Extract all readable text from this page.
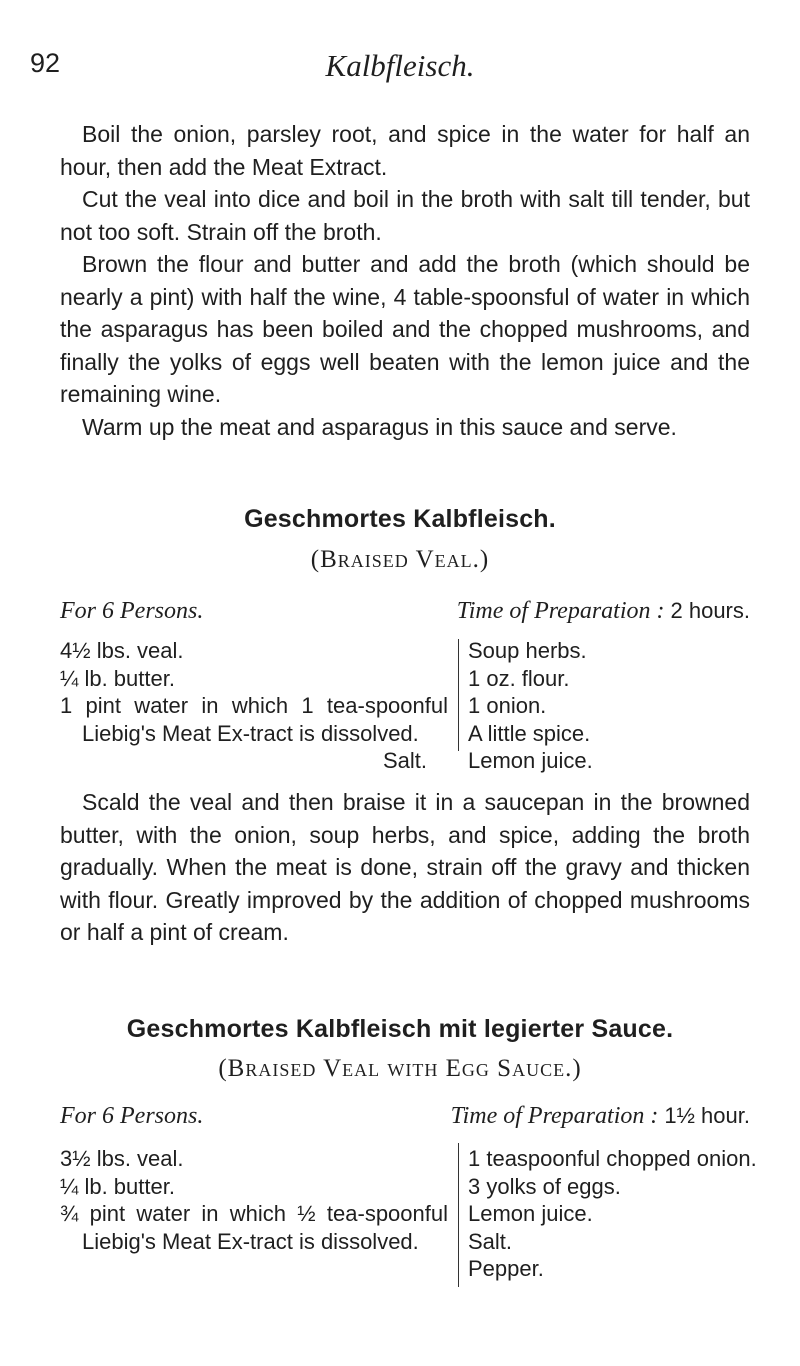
92	Kalbfleisch.

Boil the onion, parsley root, and spice in the water for half an hour, then add the Meat Extract.

Cut the veal into dice and boil in the broth with salt till tender, but not too soft. Strain off the broth.

Brown the flour and butter and add the broth (which should be nearly a pint) with half the wine, 4 table-spoonsful of water in which the asparagus has been boiled and the chopped mushrooms, and finally the yolks of eggs well beaten with the lemon juice and the remaining wine.

Warm up the meat and asparagus in this sauce and serve.

Geschmortes Kalbfleisch.
(Braised Veal.)
For 6 Persons.	Time of Preparation : 2 hours.
4½ lbs. veal.
¼ lb. butter.
1 pint water in which 1 tea-spoonful Liebig's Meat Ex-tract is dissolved.
Soup herbs.
1 oz. flour.
1 onion.
A little spice.
Lemon juice.
Salt.

Scald the veal and then braise it in a saucepan in the browned butter, with the onion, soup herbs, and spice, adding the broth gradually. When the meat is done, strain off the gravy and thicken with flour. Greatly improved by the addition of chopped mushrooms or half a pint of cream.

Geschmortes Kalbfleisch mit legierter Sauce.
(Braised Veal with Egg Sauce.)
For 6 Persons.	Time of Preparation : 1½ hour.
3½ lbs. veal.
¼ lb. butter.
¾ pint water in which ½ tea-spoonful Liebig's Meat Ex-tract is dissolved.
1 teaspoonful chopped onion.
3 yolks of eggs.
Lemon juice.
Salt.
Pepper.
